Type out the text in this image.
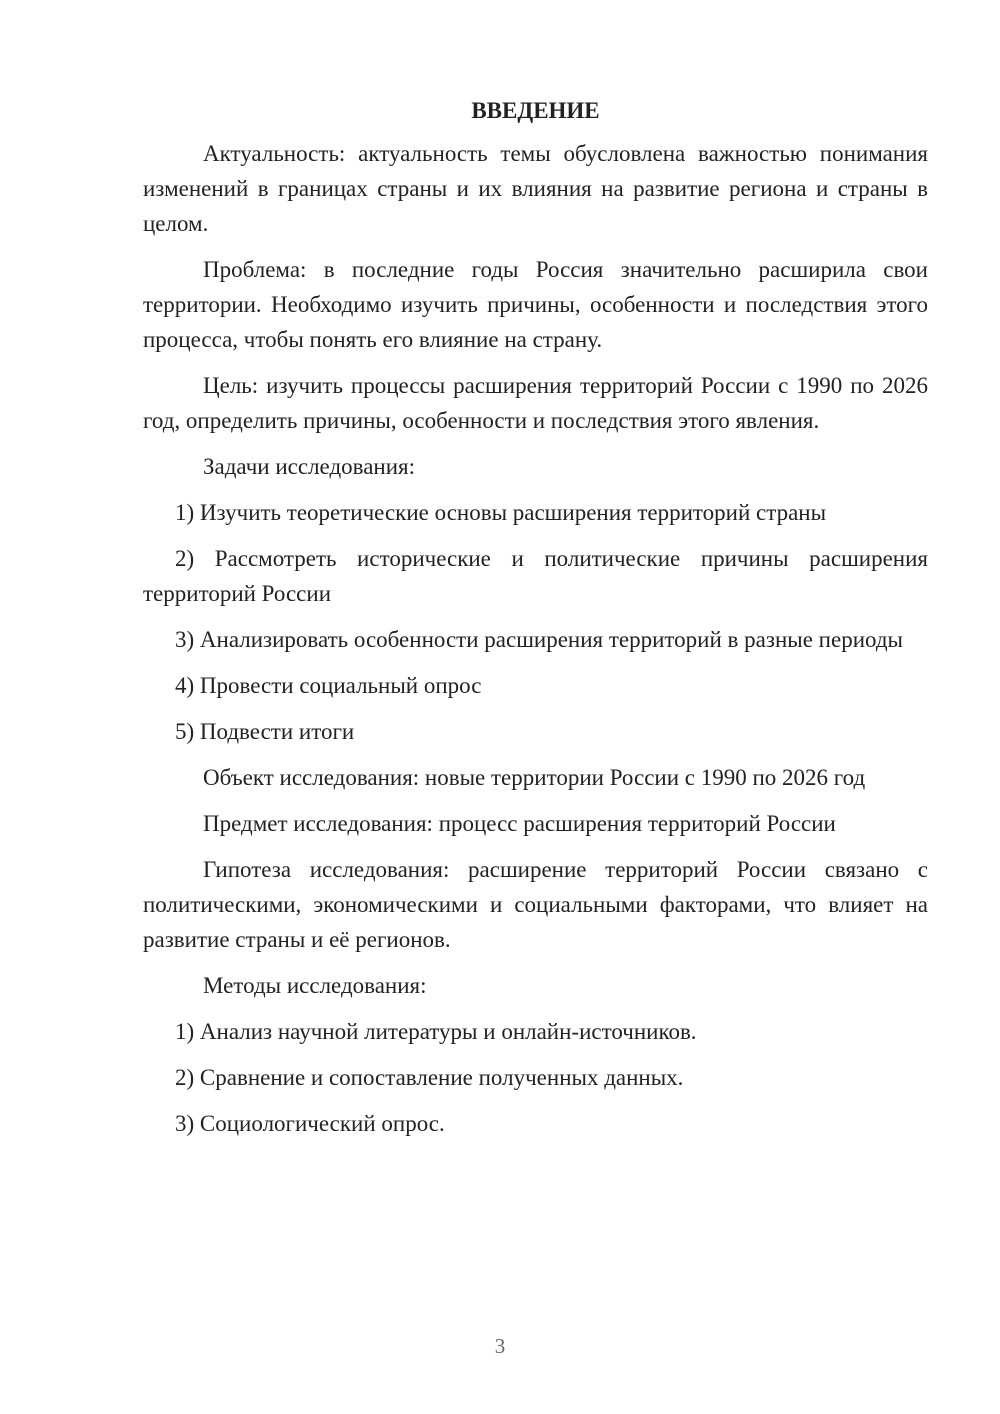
ВВЕДЕНИЕ

Актуальность: актуальность темы обусловлена важностью понимания изменений в границах страны и их влияния на развитие региона и страны в целом.

Проблема: в последние годы Россия значительно расширила свои территории. Необходимо изучить причины, особенности и последствия этого процесса, чтобы понять его влияние на страну.

Цель: изучить процессы расширения территорий России с 1990 по 2026 год, определить причины, особенности и последствия этого явления.

Задачи исследования:

1) Изучить теоретические основы расширения территорий страны

2) Рассмотреть исторические и политические причины расширения территорий России

3) Анализировать особенности расширения территорий в разные периоды

4) Провести социальный опрос

5) Подвести итоги

Объект исследования: новые территории России с 1990 по 2026 год

Предмет исследования: процесс расширения территорий России

Гипотеза исследования: расширение территорий России связано с политическими, экономическими и социальными факторами, что влияет на развитие страны и её регионов.

Методы исследования:

1) Анализ научной литературы и онлайн-источников.

2) Сравнение и сопоставление полученных данных.

3) Социологический опрос.

3
